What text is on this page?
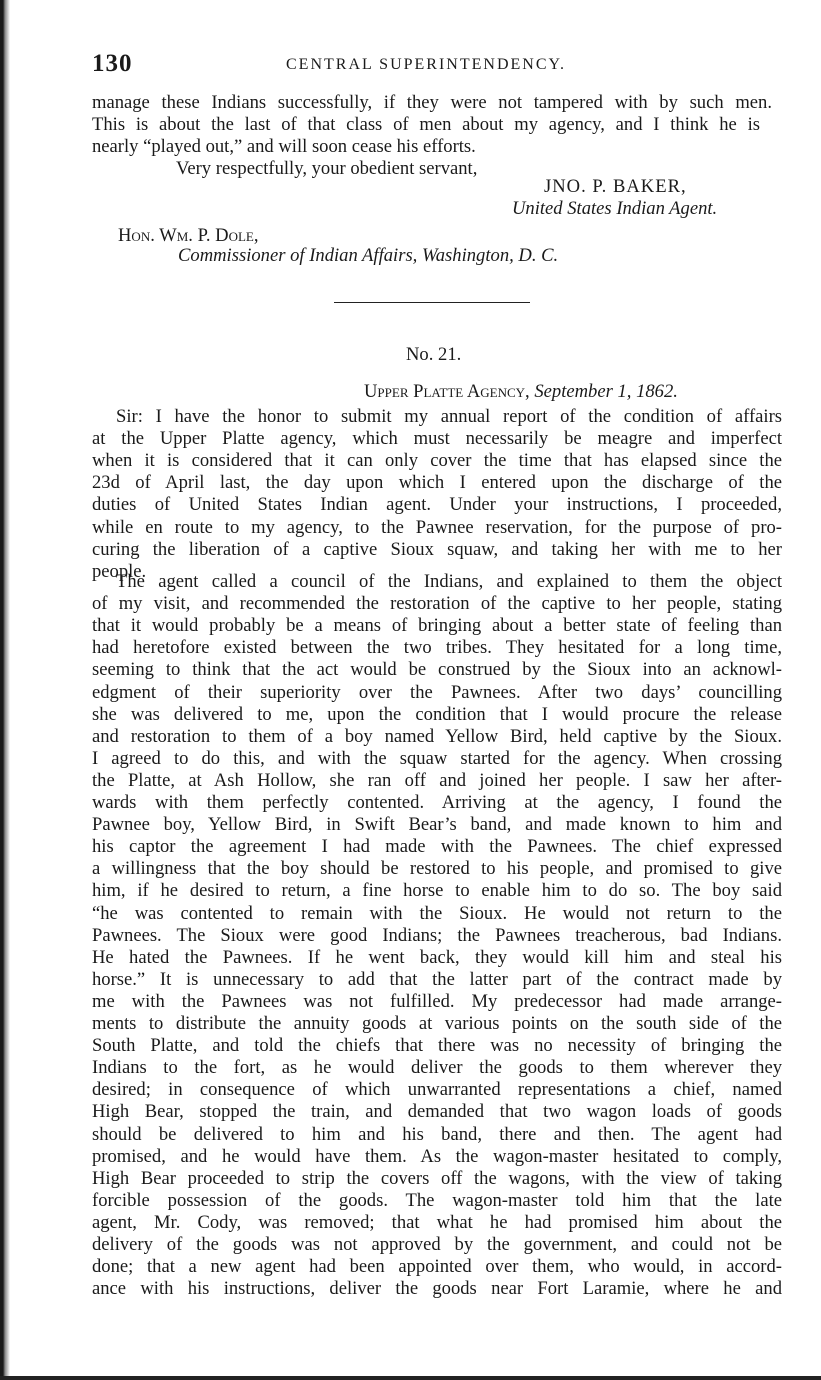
130	CENTRAL SUPERINTENDENCY.
manage these Indians successfully, if they were not tampered with by such men.
This is about the last of that class of men about my agency, and I think he is
nearly “played out,” and will soon cease his efforts.
Very respectfully, your obedient servant,
JNO. P. BAKER,
United States Indian Agent.
Hon. Wm. P. Dole,
Commissioner of Indian Affairs, Washington, D. C.
No. 21.
Upper Platte Agency, September 1, 1862.
Sir: I have the honor to submit my annual report of the condition of affairs
at the Upper Platte agency, which must necessarily be meagre and imperfect
when it is considered that it can only cover the time that has elapsed since the
23d of April last, the day upon which I entered upon the discharge of the
duties of United States Indian agent. Under your instructions, I proceeded,
while en route to my agency, to the Pawnee reservation, for the purpose of pro-
curing the liberation of a captive Sioux squaw, and taking her with me to her
people.
The agent called a council of the Indians, and explained to them the object
of my visit, and recommended the restoration of the captive to her people, stating
that it would probably be a means of bringing about a better state of feeling than
had heretofore existed between the two tribes. They hesitated for a long time,
seeming to think that the act would be construed by the Sioux into an acknowl-
edgment of their superiority over the Pawnees. After two days’ councilling
she was delivered to me, upon the condition that I would procure the release
and restoration to them of a boy named Yellow Bird, held captive by the Sioux.
I agreed to do this, and with the squaw started for the agency. When crossing
the Platte, at Ash Hollow, she ran off and joined her people. I saw her after-
wards with them perfectly contented. Arriving at the agency, I found the
Pawnee boy, Yellow Bird, in Swift Bear’s band, and made known to him and
his captor the agreement I had made with the Pawnees. The chief expressed
a willingness that the boy should be restored to his people, and promised to give
him, if he desired to return, a fine horse to enable him to do so. The boy said
“he was contented to remain with the Sioux. He would not return to the
Pawnees. The Sioux were good Indians; the Pawnees treacherous, bad Indians.
He hated the Pawnees. If he went back, they would kill him and steal his
horse.” It is unnecessary to add that the latter part of the contract made by
me with the Pawnees was not fulfilled. My predecessor had made arrange-
ments to distribute the annuity goods at various points on the south side of the
South Platte, and told the chiefs that there was no necessity of bringing the
Indians to the fort, as he would deliver the goods to them wherever they
desired; in consequence of which unwarranted representations a chief, named
High Bear, stopped the train, and demanded that two wagon loads of goods
should be delivered to him and his band, there and then. The agent had
promised, and he would have them. As the wagon-master hesitated to comply,
High Bear proceeded to strip the covers off the wagons, with the view of taking
forcible possession of the goods. The wagon-master told him that the late
agent, Mr. Cody, was removed; that what he had promised him about the
delivery of the goods was not approved by the government, and could not be
done; that a new agent had been appointed over them, who would, in accord-
ance with his instructions, deliver the goods near Fort Laramie, where he and
